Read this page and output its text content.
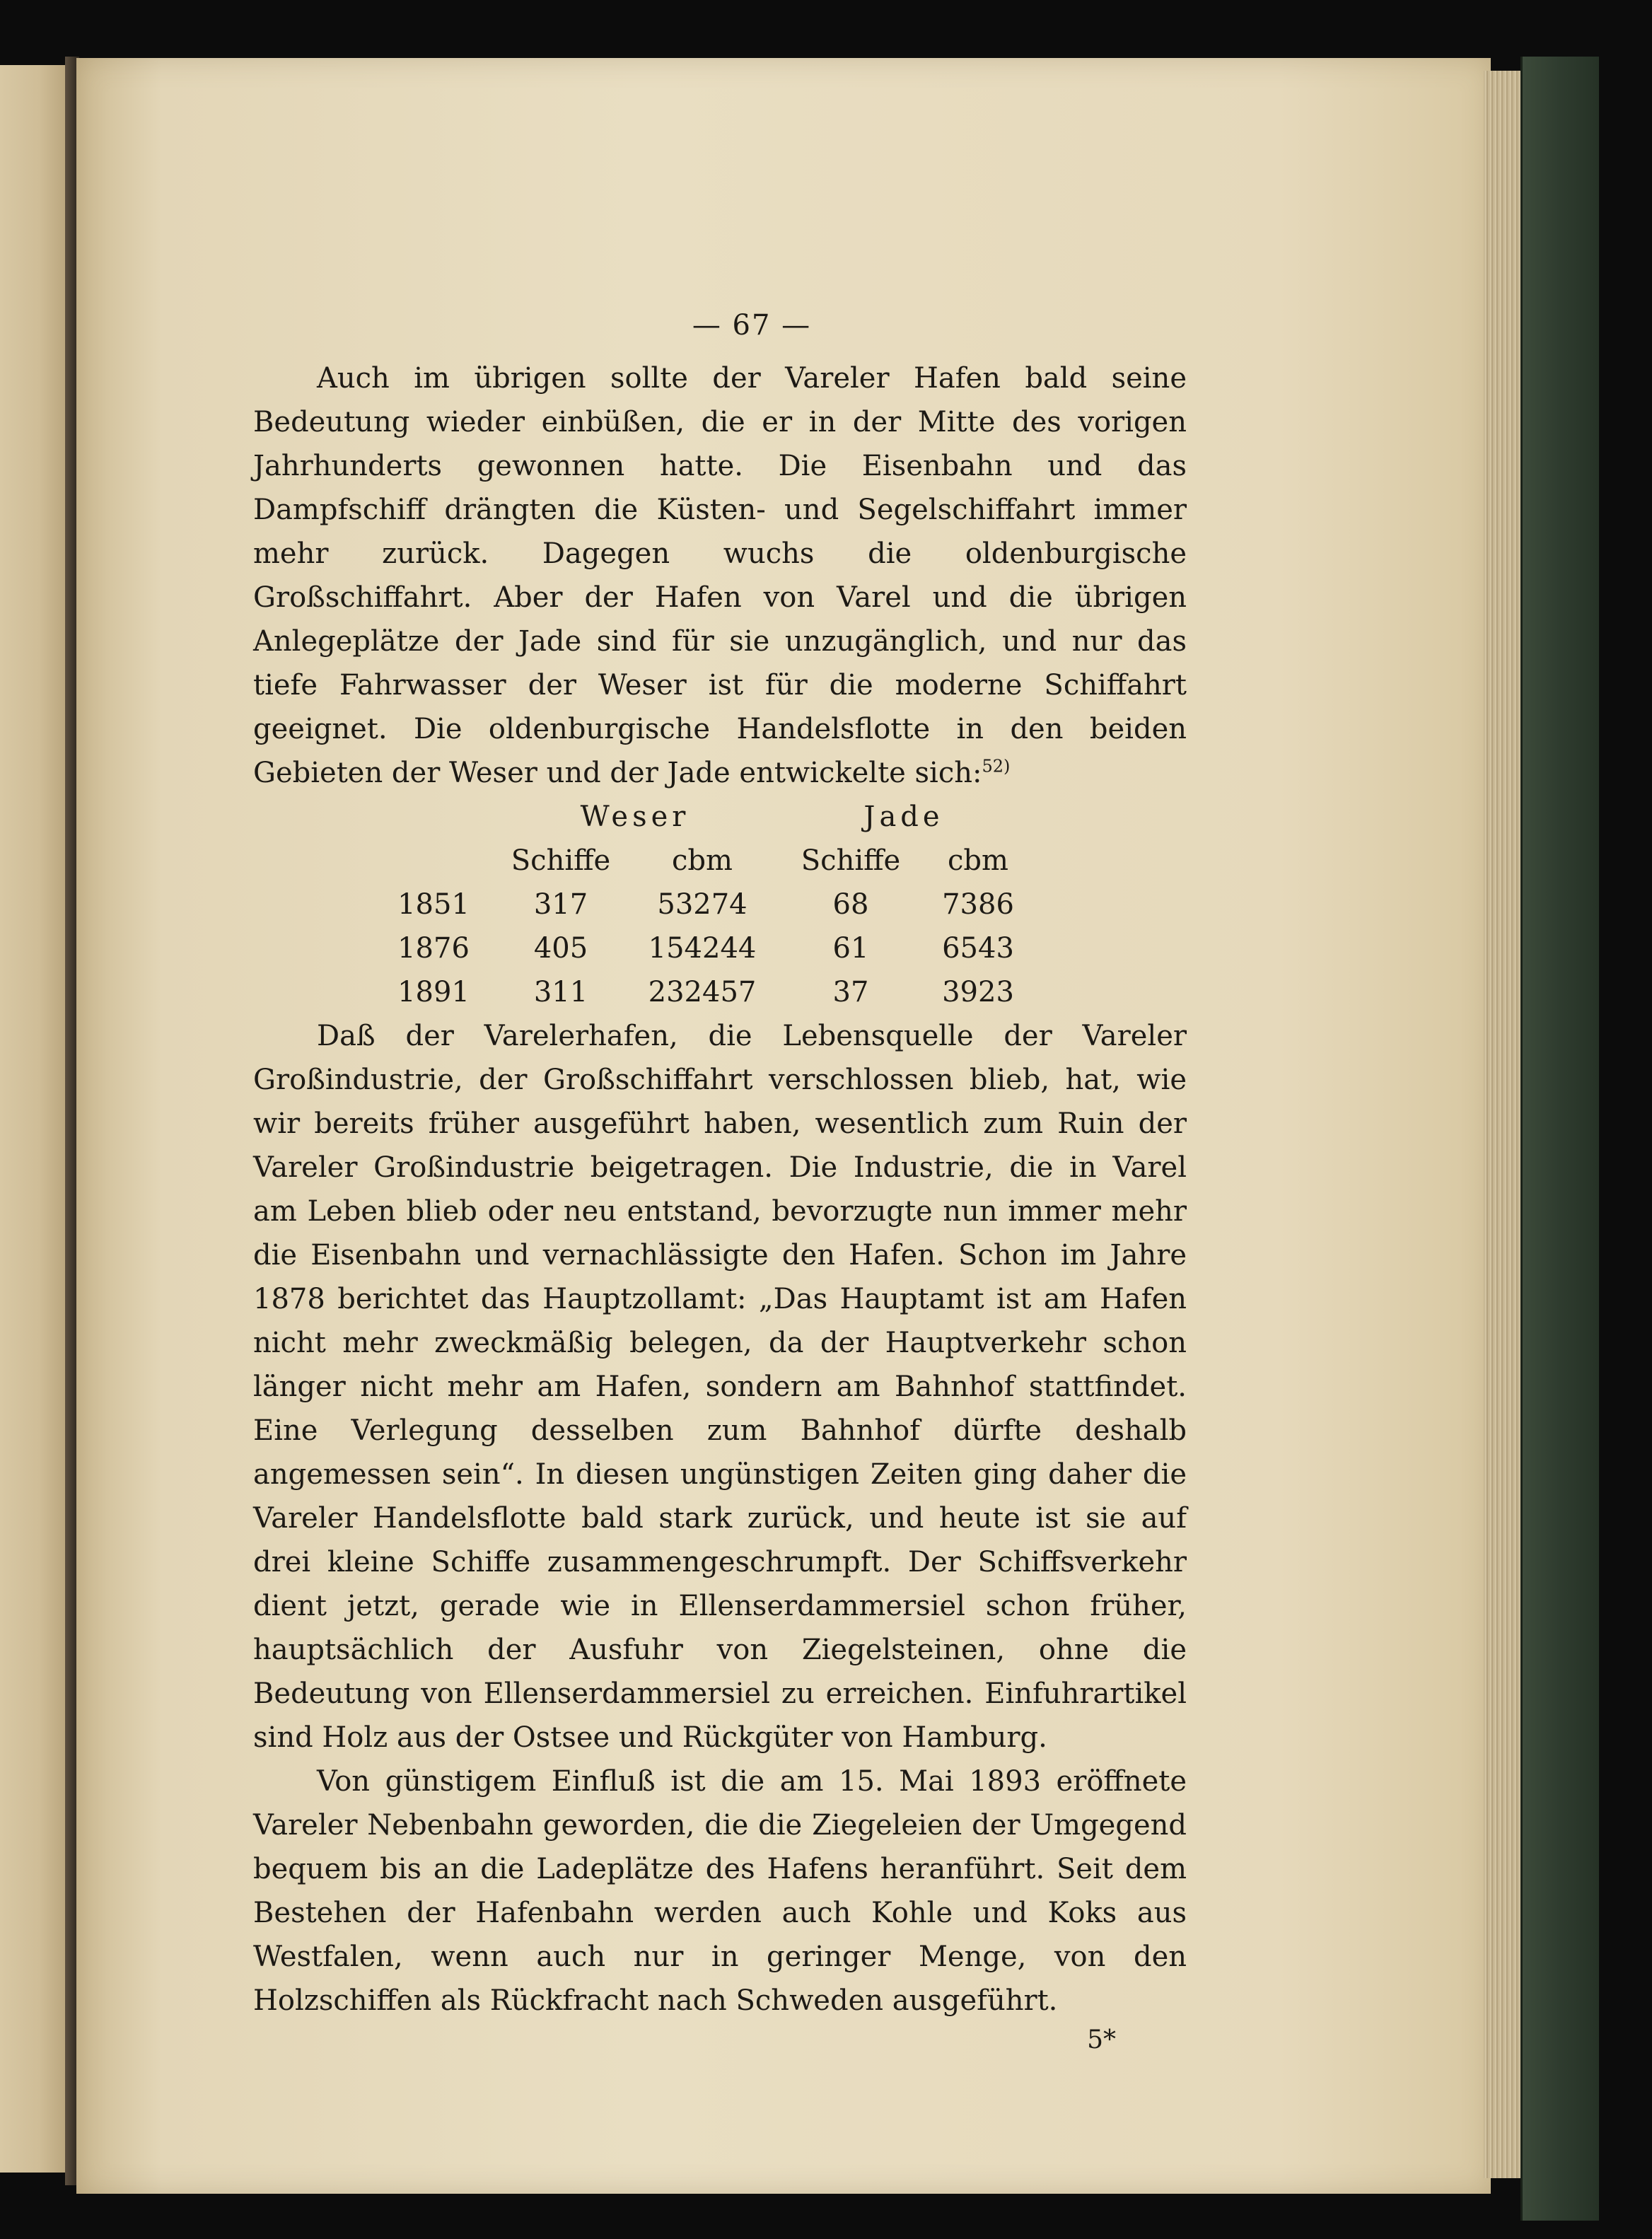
— 67 —

Auch im übrigen sollte der Vareler Hafen bald seine Bedeutung wieder einbüßen, die er in der Mitte des vorigen Jahrhunderts gewonnen hatte. Die Eisenbahn und das Dampfschiff drängten die Küsten- und Segelschiffahrt immer mehr zurück. Dagegen wuchs die oldenburgische Großschiffahrt. Aber der Hafen von Varel und die übrigen Anlegeplätze der Jade sind für sie unzugänglich, und nur das tiefe Fahrwasser der Weser ist für die moderne Schiffahrt geeignet. Die oldenburgische Handelsflotte in den beiden Gebieten der Weser und der Jade entwickelte sich:$^{52)}$

	Weser		Jade	
	Schiffe	cbm	Schiffe	cbm
1851	317	53274	68	7386
1876	405	154244	61	6543
1891	311	232457	37	3923

Daß der Varelerhafen, die Lebensquelle der Vareler Großindustrie, der Großschiffahrt verschlossen blieb, hat, wie wir bereits früher ausgeführt haben, wesentlich zum Ruin der Vareler Großindustrie beigetragen. Die Industrie, die in Varel am Leben blieb oder neu entstand, bevorzugte nun immer mehr die Eisenbahn und vernachlässigte den Hafen. Schon im Jahre 1878 berichtet das Hauptzollamt: „Das Hauptamt ist am Hafen nicht mehr zweckmäßig belegen, da der Hauptverkehr schon länger nicht mehr am Hafen, sondern am Bahnhof stattfindet. Eine Verlegung desselben zum Bahnhof dürfte deshalb angemessen sein“. In diesen ungünstigen Zeiten ging daher die Vareler Handelsflotte bald stark zurück, und heute ist sie auf drei kleine Schiffe zusammengeschrumpft. Der Schiffsverkehr dient jetzt, gerade wie in Ellenserdammersiel schon früher, hauptsächlich der Ausfuhr von Ziegelsteinen, ohne die Bedeutung von Ellenserdammersiel zu erreichen. Einfuhrartikel sind Holz aus der Ostsee und Rückgüter von Hamburg.

Von günstigem Einfluß ist die am 15. Mai 1893 eröffnete Vareler Nebenbahn geworden, die die Ziegeleien der Umgegend bequem bis an die Ladeplätze des Hafens heranführt. Seit dem Bestehen der Hafenbahn werden auch Kohle und Koks aus Westfalen, wenn auch nur in geringer Menge, von den Holzschiffen als Rückfracht nach Schweden ausgeführt.

5*
